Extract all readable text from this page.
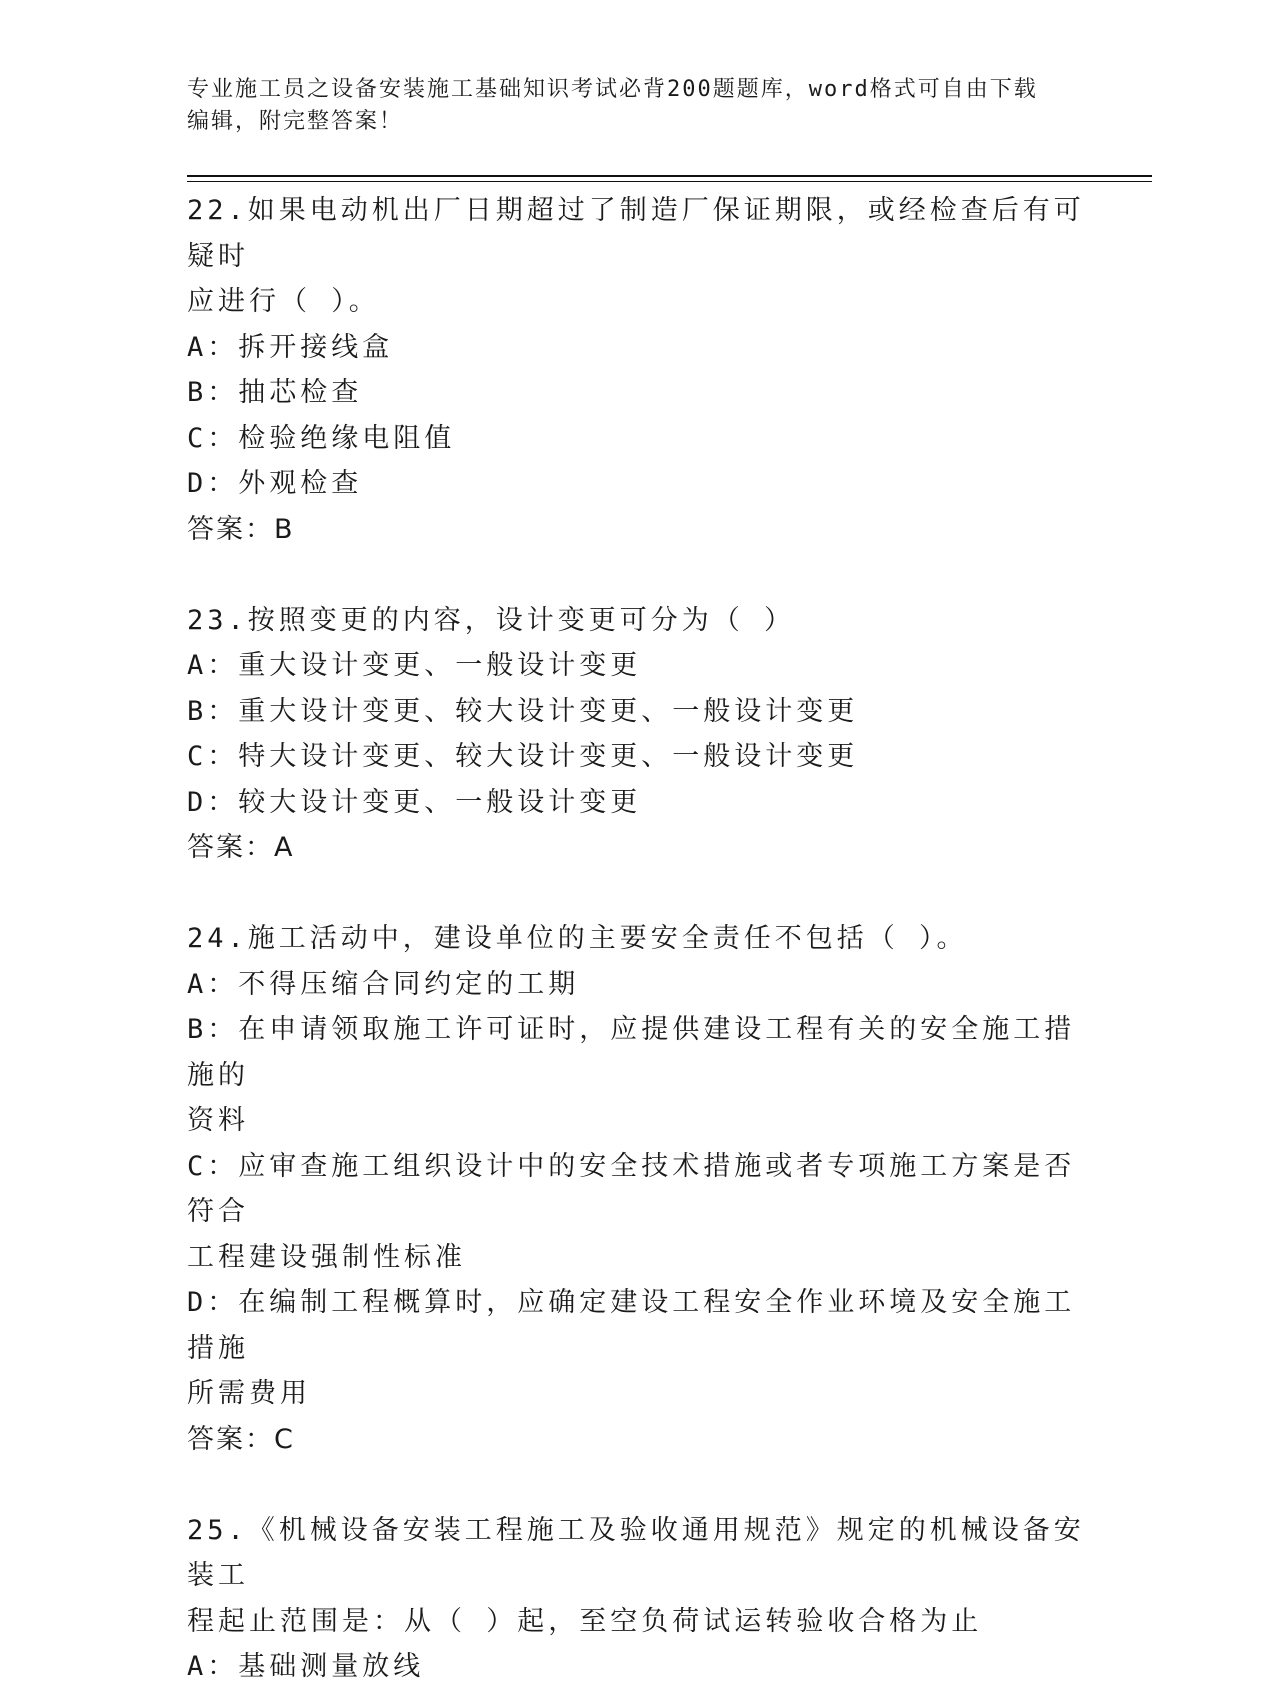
专业施工员之设备安装施工基础知识考试必背200题题库，word格式可自由下载
编辑，附完整答案！

22.如果电动机出厂日期超过了制造厂保证期限，或经检查后有可疑时

应进行（ ）。

A：拆开接线盒

B：抽芯检查

C：检验绝缘电阻值

D：外观检查

答案：B

23.按照变更的内容，设计变更可分为（ ）

A：重大设计变更、一般设计变更

B：重大设计变更、较大设计变更、一般设计变更

C：特大设计变更、较大设计变更、一般设计变更

D：较大设计变更、一般设计变更

答案：A

24.施工活动中，建设单位的主要安全责任不包括（ ）。

A：不得压缩合同约定的工期

B：在申请领取施工许可证时，应提供建设工程有关的安全施工措施的

资料

C：应审查施工组织设计中的安全技术措施或者专项施工方案是否符合

工程建设强制性标准

D：在编制工程概算时，应确定建设工程安全作业环境及安全施工措施

所需费用

答案：C

25.《机械设备安装工程施工及验收通用规范》规定的机械设备安装工

程起止范围是：从（ ）起，至空负荷试运转验收合格为止

A：基础测量放线
